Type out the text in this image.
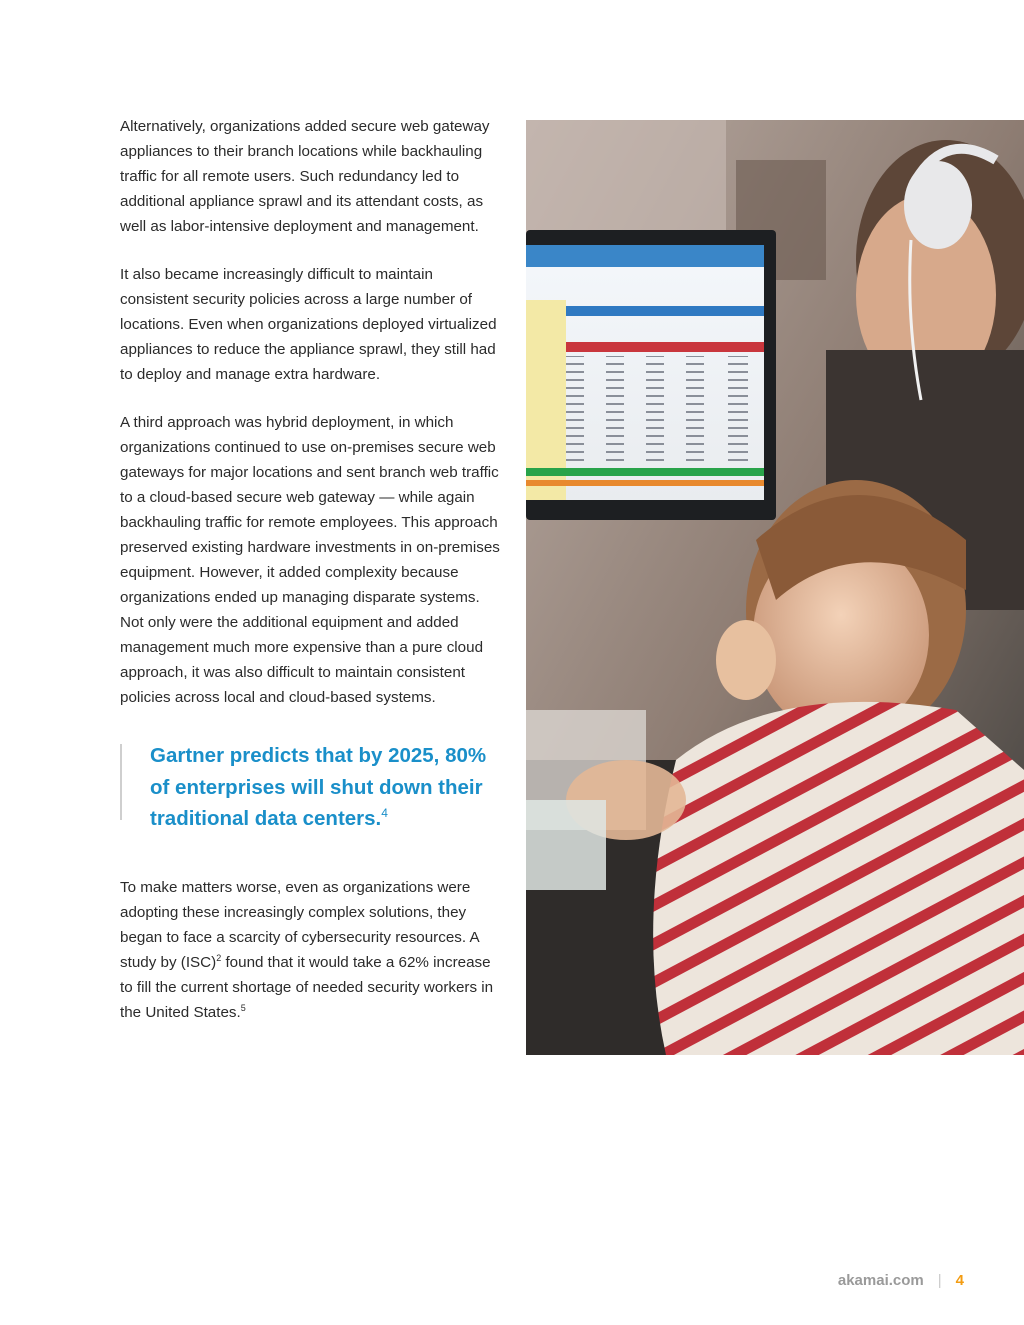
Alternatively, organizations added secure web gateway appliances to their branch locations while backhauling traffic for all remote users. Such redundancy led to additional appliance sprawl and its attendant costs, as well as labor-intensive deployment and management.

It also became increasingly difficult to maintain consistent security policies across a large number of locations. Even when organizations deployed virtualized appliances to reduce the appliance sprawl, they still had to deploy and manage extra hardware.

A third approach was hybrid deployment, in which organizations continued to use on-premises secure web gateways for major locations and sent branch web traffic to a cloud-based secure web gateway — while again backhauling traffic for remote employees. This approach preserved existing hardware investments in on-premises equipment. However, it added complexity because organizations ended up managing disparate systems. Not only were the additional equipment and added management much more expensive than a pure cloud approach, it was also difficult to maintain consistent policies across local and cloud-based systems.

Gartner predicts that by 2025, 80% of enterprises will shut down their traditional data centers.$^4$

To make matters worse, even as organizations were adopting these increasingly complex solutions, they began to face a scarcity of cybersecurity resources. A study by (ISC)$^2$ found that it would take a 62% increase to fill the current shortage of needed security workers in the United States.$^5$

akamai.com | 4
